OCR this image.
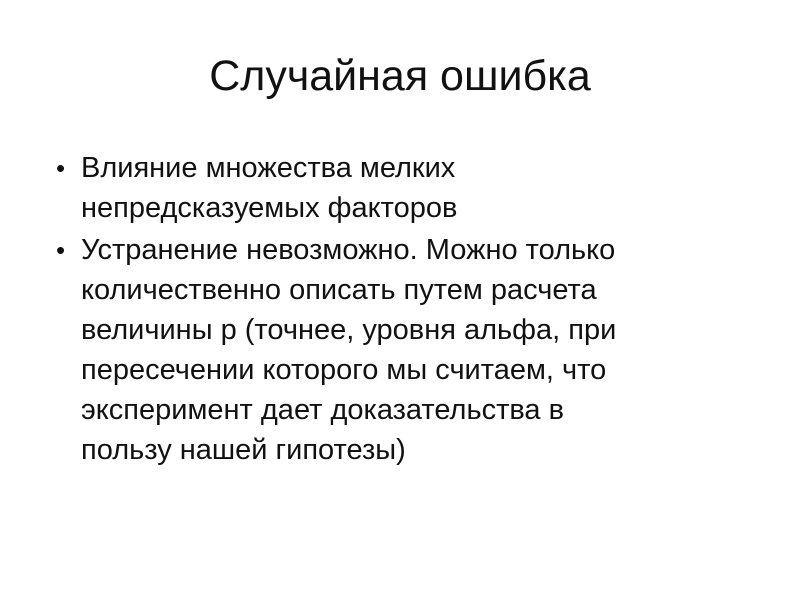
Случайная ошибка
• Влияние множества мелких
непредсказуемых факторов
• Устранение невозможно. Можно только
количественно описать путем расчета
величины р (точнее, уровня альфа, при
пересечении которого мы считаем, что
эксперимент дает доказательства в
пользу нашей гипотезы)
